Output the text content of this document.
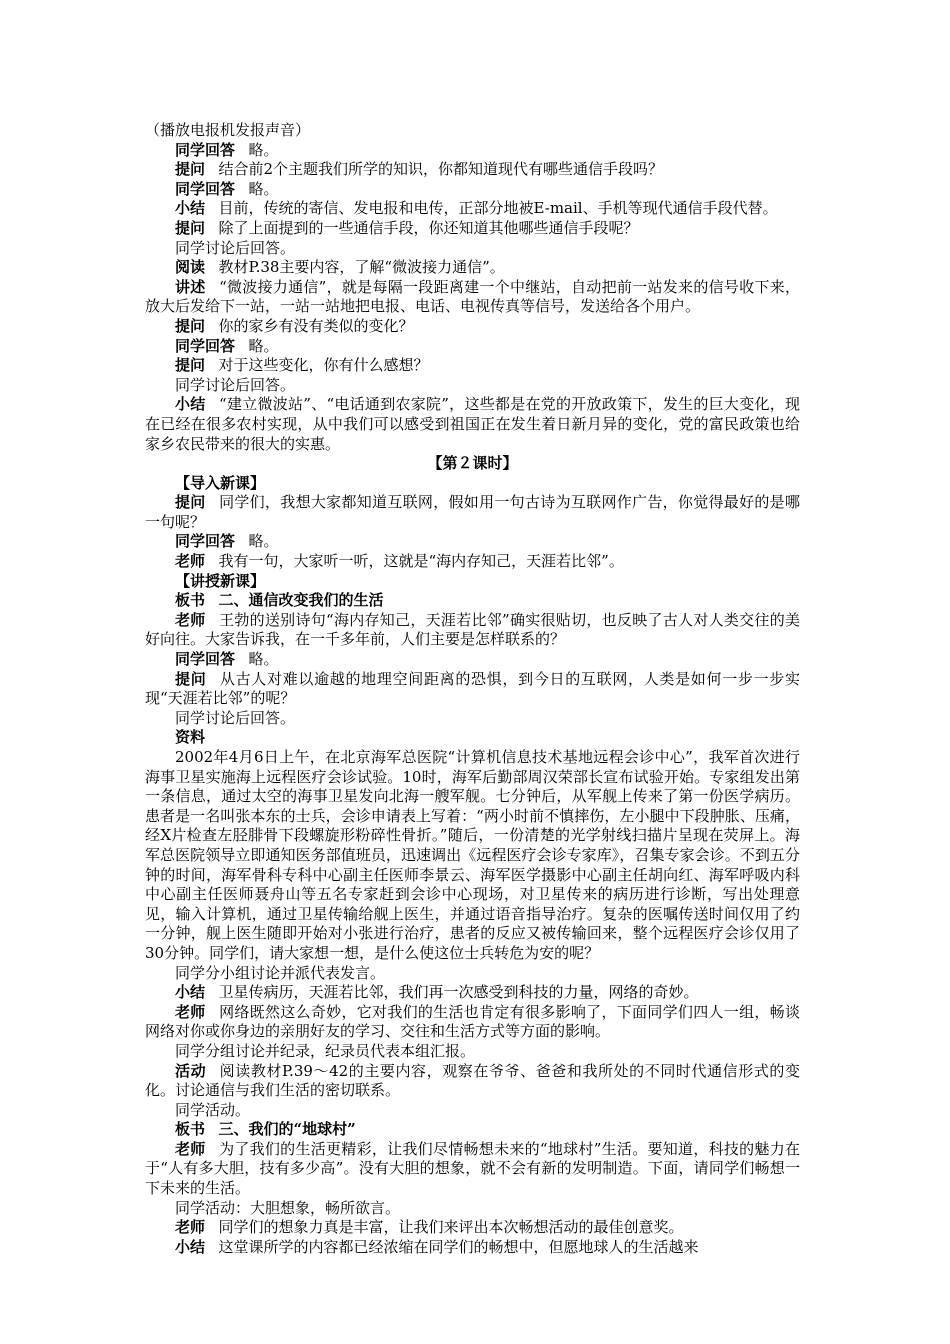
（播放电报机发报声音）

同学回答 略。

提问 结合前2个主题我们所学的知识，你都知道现代有哪些通信手段吗？

同学回答 略。

小结 目前，传统的寄信、发电报和电传，正部分地被E-mail、手机等现代通信手段代替。

提问 除了上面提到的一些通信手段，你还知道其他哪些通信手段呢？

同学讨论后回答。

阅读 教材P.38主要内容，了解“微波接力通信”。

讲述 “微波接力通信”，就是每隔一段距离建一个中继站，自动把前一站发来的信号收下来，放大后发给下一站，一站一站地把电报、电话、电视传真等信号，发送给各个用户。

提问 你的家乡有没有类似的变化？

同学回答 略。

提问 对于这些变化，你有什么感想？

同学讨论后回答。

小结 “建立微波站”、“电话通到农家院”，这些都是在党的开放政策下，发生的巨大变化，现在已经在很多农村实现，从中我们可以感受到祖国正在发生着日新月异的变化，党的富民政策也给家乡农民带来的很大的实惠。

【第２课时】

【导入新课】

提问 同学们，我想大家都知道互联网，假如用一句古诗为互联网作广告，你觉得最好的是哪一句呢？

同学回答 略。

老师 我有一句，大家听一听，这就是“海内存知己，天涯若比邻”。

【讲授新课】

板书 二、通信改变我们的生活

老师 王勃的送别诗句“海内存知己，天涯若比邻”确实很贴切，也反映了古人对人类交往的美好向往。大家告诉我，在一千多年前，人们主要是怎样联系的？

同学回答 略。

提问 从古人对难以逾越的地理空间距离的恐惧，到今日的互联网，人类是如何一步一步实现“天涯若比邻”的呢？

同学讨论后回答。

资料

2002年4月6日上午，在北京海军总医院“计算机信息技术基地远程会诊中心”，我军首次进行海事卫星实施海上远程医疗会诊试验。10时，海军后勤部周汉荣部长宣布试验开始。专家组发出第一条信息，通过太空的海事卫星发向北海一艘军舰。七分钟后，从军舰上传来了第一份医学病历。患者是一名叫张本东的士兵，会诊申请表上写着：“两小时前不慎摔伤，左小腿中下段肿胀、压痛，经X片检查左胫腓骨下段螺旋形粉碎性骨折。”随后，一份清楚的光学射线扫描片呈现在荧屏上。海军总医院领导立即通知医务部值班员，迅速调出《远程医疗会诊专家库》，召集专家会诊。不到五分钟的时间，海军骨科专科中心副主任医师李景云、海军医学摄影中心副主任胡向红、海军呼吸内科中心副主任医师聂舟山等五名专家赶到会诊中心现场，对卫星传来的病历进行诊断，写出处理意见，输入计算机，通过卫星传输给舰上医生，并通过语音指导治疗。复杂的医嘱传送时间仅用了约一分钟，舰上医生随即开始对小张进行治疗，患者的反应又被传输回来，整个远程医疗会诊仅用了30分钟。同学们，请大家想一想，是什么使这位士兵转危为安的呢？

同学分小组讨论并派代表发言。

小结 卫星传病历，天涯若比邻，我们再一次感受到科技的力量，网络的奇妙。

老师 网络既然这么奇妙，它对我们的生活也肯定有很多影响了，下面同学们四人一组，畅谈网络对你或你身边的亲朋好友的学习、交往和生活方式等方面的影响。

同学分组讨论并纪录，纪录员代表本组汇报。

活动 阅读教材P.39～42的主要内容，观察在爷爷、爸爸和我所处的不同时代通信形式的变化。讨论通信与我们生活的密切联系。

同学活动。

板书 三、我们的“地球村”

老师 为了我们的生活更精彩，让我们尽情畅想未来的“地球村”生活。要知道，科技的魅力在于“人有多大胆，技有多少高”。没有大胆的想象，就不会有新的发明制造。下面，请同学们畅想一下未来的生活。

同学活动：大胆想象，畅所欲言。

老师 同学们的想象力真是丰富，让我们来评出本次畅想活动的最佳创意奖。

小结 这堂课所学的内容都已经浓缩在同学们的畅想中，但愿地球人的生活越来
